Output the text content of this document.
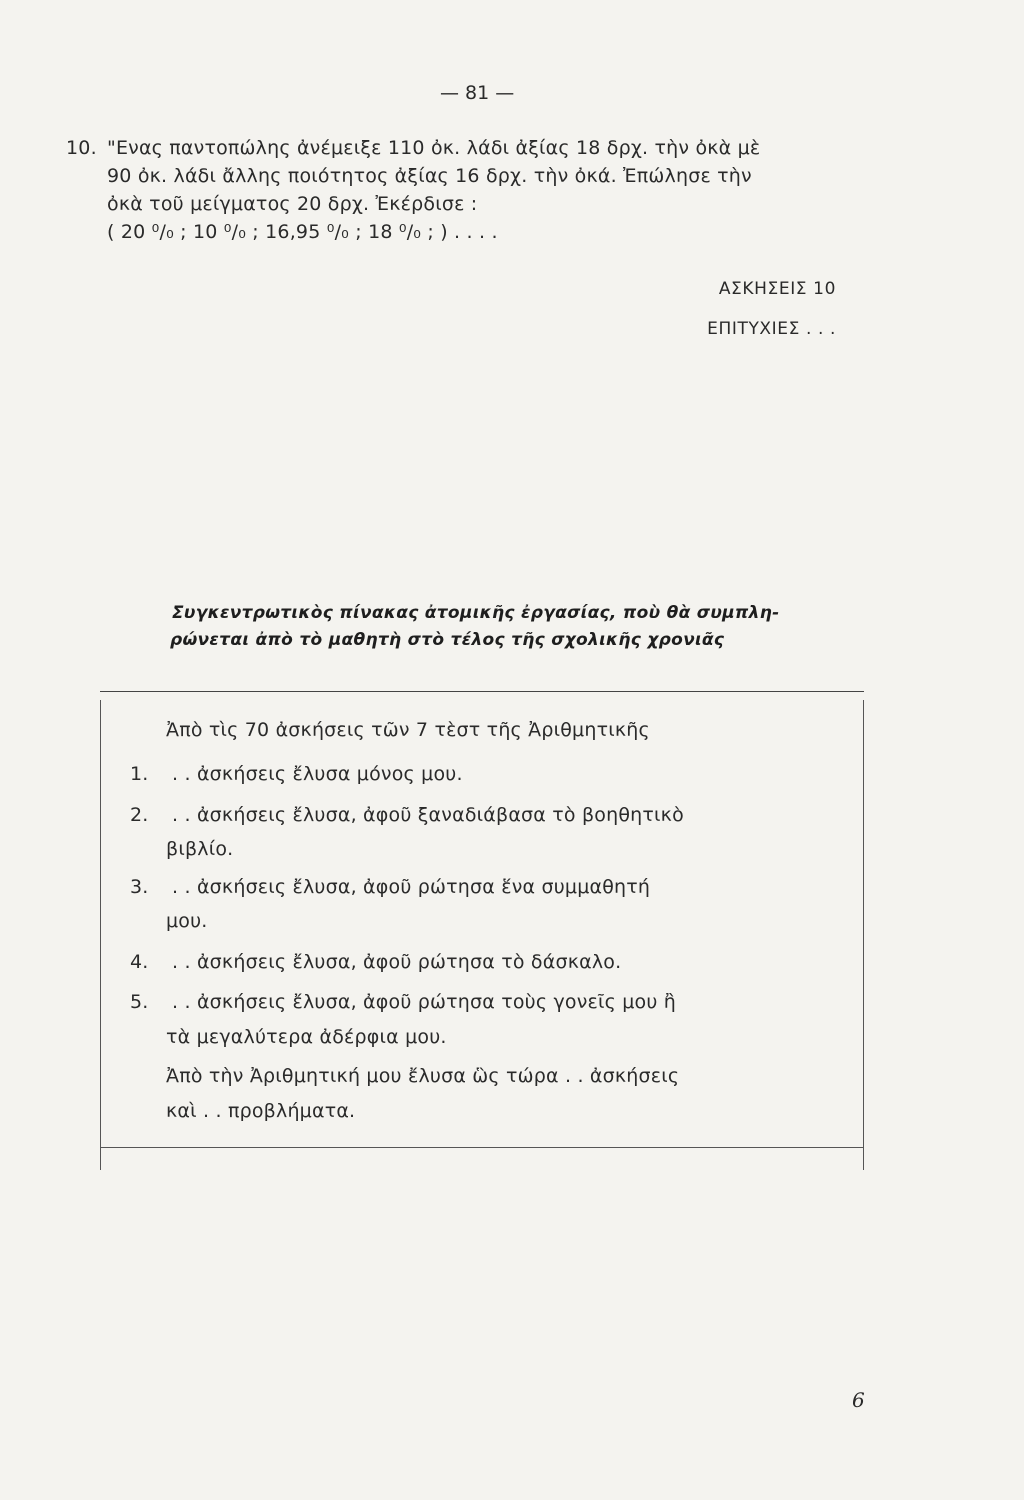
— 81 —
10. "Ενας παντοπώλης ἀνέμειξε 110 ὀκ. λάδι ἀξίας 18 δρχ. τὴν ὀκὰ μὲ
90 ὀκ. λάδι ἄλλης ποιότητος ἀξίας 16 δρχ. τὴν ὀκά. Ἐπώλησε τὴν
ὀκὰ τοῦ μείγματος 20 δρχ. Ἐκέρδισε :
( 20 ⁰/₀ ; 10 ⁰/₀ ; 16,95 ⁰/₀ ; 18 ⁰/₀ ; ) . . . .
ΑΣΚΗΣΕΙΣ 10
ΕΠΙΤΥΧΙΕΣ . . .
Συγκεντρωτικὸς πίνακας ἀτομικῆς ἐργασίας, ποὺ θὰ συμπλη-
ρώνεται ἀπὸ τὸ μαθητὴ στὸ τέλος τῆς σχολικῆς χρονιᾶς
Ἀπὸ τὶς 70 ἀσκήσεις τῶν 7 τὲστ τῆς Ἀριθμητικῆς
1. . . ἀσκήσεις ἔλυσα μόνος μου.
2. . . ἀσκήσεις ἔλυσα, ἀφοῦ ξαναδιάβασα τὸ βοηθητικὸ
βιβλίο.
3. . . ἀσκήσεις ἔλυσα, ἀφοῦ ρώτησα ἕνα συμμαθητή
μου.
4. . . ἀσκήσεις ἔλυσα, ἀφοῦ ρώτησα τὸ δάσκαλο.
5. . . ἀσκήσεις ἔλυσα, ἀφοῦ ρώτησα τοὺς γονεῖς μου ἢ
τὰ μεγαλύτερα ἀδέρφια μου.
Ἀπὸ τὴν Ἀριθμητική μου ἔλυσα ὣς τώρα . . ἀσκήσεις
καὶ . . προβλήματα.
6
